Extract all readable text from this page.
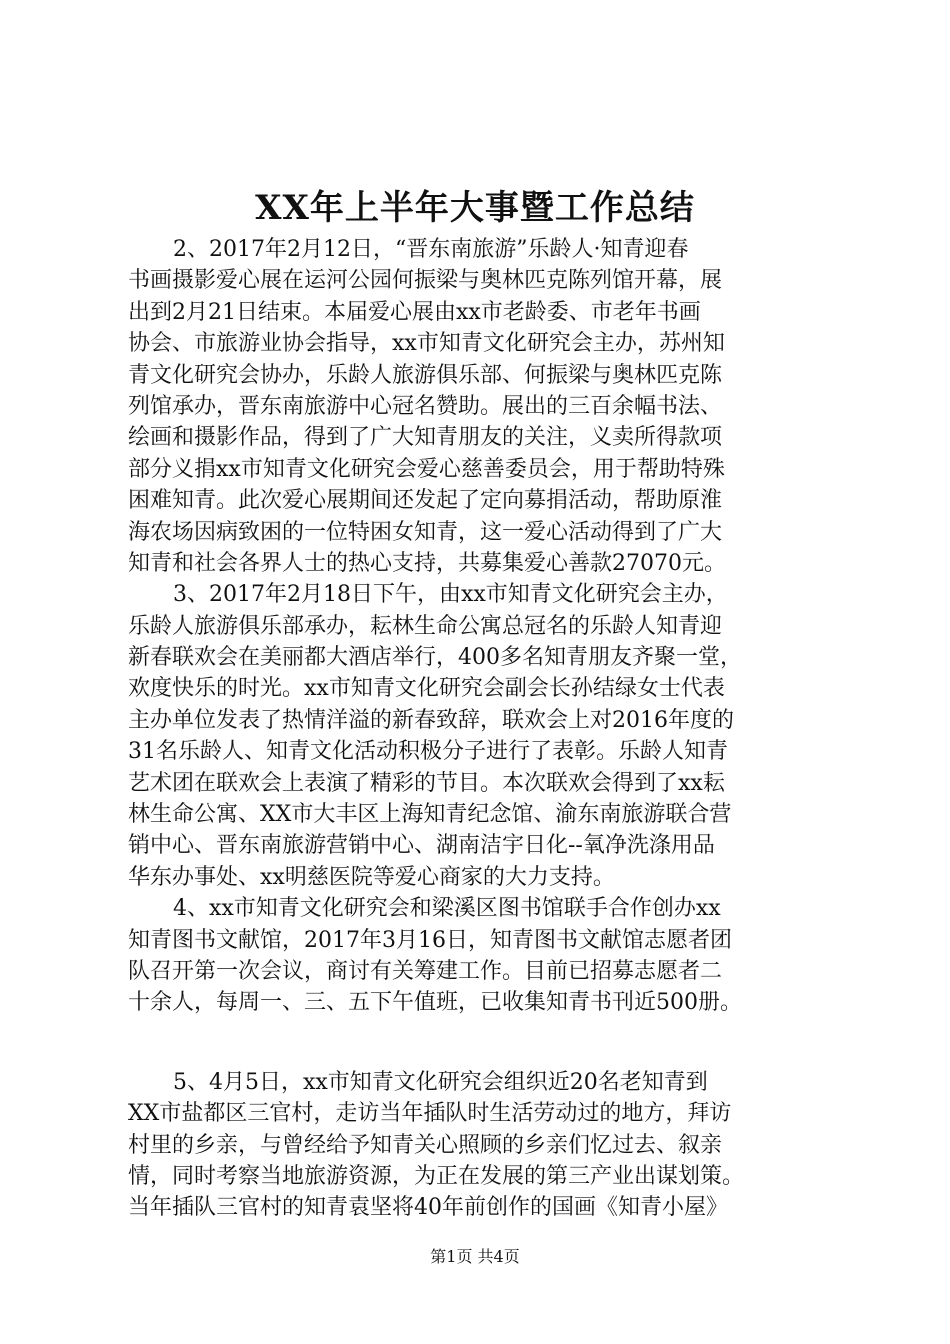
XX年上半年大事暨工作总结
2、2017年2月12日，“晋东南旅游”乐龄人·知青迎春
书画摄影爱心展在运河公园何振梁与奥林匹克陈列馆开幕，展
出到2月21日结束。本届爱心展由xx市老龄委、市老年书画
协会、市旅游业协会指导，xx市知青文化研究会主办，苏州知
青文化研究会协办，乐龄人旅游俱乐部、何振梁与奥林匹克陈
列馆承办，晋东南旅游中心冠名赞助。展出的三百余幅书法、
绘画和摄影作品，得到了广大知青朋友的关注，义卖所得款项
部分义捐xx市知青文化研究会爱心慈善委员会，用于帮助特殊
困难知青。此次爱心展期间还发起了定向募捐活动，帮助原淮
海农场因病致困的一位特困女知青，这一爱心活动得到了广大
知青和社会各界人士的热心支持，共募集爱心善款27070元。
3、2017年2月18日下午，由xx市知青文化研究会主办，
乐龄人旅游俱乐部承办，耘林生命公寓总冠名的乐龄人知青迎
新春联欢会在美丽都大酒店举行，400多名知青朋友齐聚一堂，
欢度快乐的时光。xx市知青文化研究会副会长孙结绿女士代表
主办单位发表了热情洋溢的新春致辞，联欢会上对2016年度的
31名乐龄人、知青文化活动积极分子进行了表彰。乐龄人知青
艺术团在联欢会上表演了精彩的节目。本次联欢会得到了xx耘
林生命公寓、XX市大丰区上海知青纪念馆、渝东南旅游联合营
销中心、晋东南旅游营销中心、湖南洁宇日化--氧净洗涤用品
华东办事处、xx明慈医院等爱心商家的大力支持。
4、xx市知青文化研究会和梁溪区图书馆联手合作创办xx
知青图书文献馆，2017年3月16日，知青图书文献馆志愿者团
队召开第一次会议，商讨有关筹建工作。目前已招募志愿者二
十余人，每周一、三、五下午值班，已收集知青书刊近500册。
5、4月5日，xx市知青文化研究会组织近20名老知青到
XX市盐都区三官村，走访当年插队时生活劳动过的地方，拜访
村里的乡亲，与曾经给予知青关心照顾的乡亲们忆过去、叙亲
情，同时考察当地旅游资源，为正在发展的第三产业出谋划策。
当年插队三官村的知青袁坚将40年前创作的国画《知青小屋》
第1页 共4页
